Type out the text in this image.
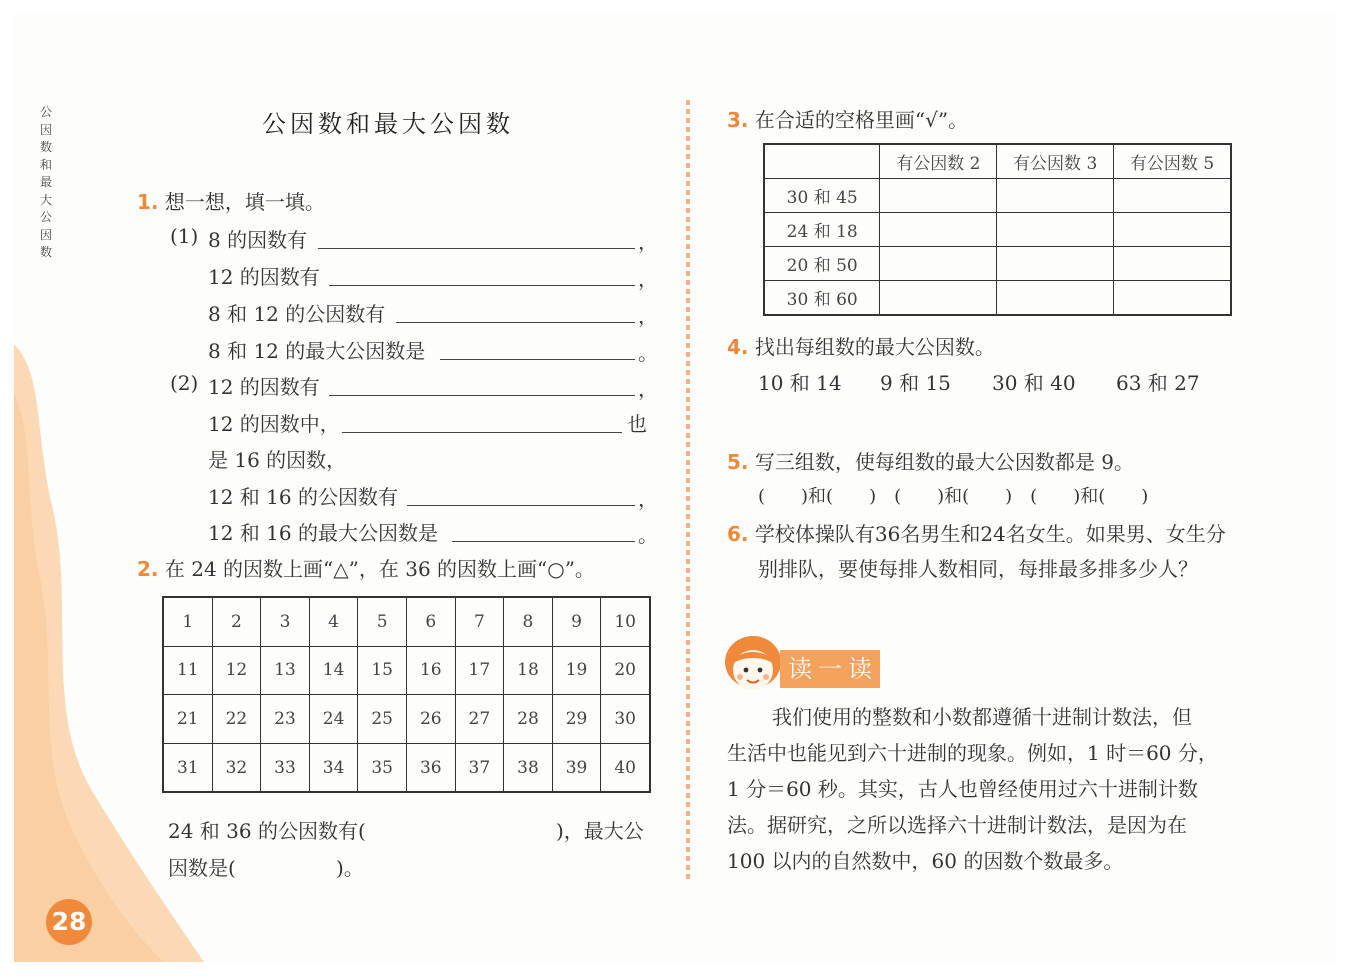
公因数和最大公因数
公因数和最大公因数
1. 想一想，填一填。
(1) 8 的因数有	，
12 的因数有	，
8 和 12 的公因数有	，
8 和 12 的最大公因数是	。
(2) 12 的因数有	，
12 的因数中，	也
是 16 的因数，
12 和 16 的公因数有	，
12 和 16 的最大公因数是	。
2. 在 24 的因数上画“△”，在 36 的因数上画“○”。
1	2	3	4	5	6	7	8	9	10
11	12	13	14	15	16	17	18	19	20
21	22	23	24	25	26	27	28	29	30
31	32	33	34	35	36	37	38	39	40
24 和 36 的公因数有(	)，最大公
因数是(	)。
28
3. 在合适的空格里画“√”。
	有公因数 2	有公因数 3	有公因数 5
30 和 45			
24 和 18			
20 和 50			
30 和 60			
4. 找出每组数的最大公因数。
10 和 14 9 和 15 30 和 40 63 和 27
5. 写三组数，使每组数的最大公因数都是 9。
(　　)和(　　)　(　　)和(　　)　(　　)和(　　)
6. 学校体操队有36名男生和24名女生。如果男、女生分
别排队，要使每排人数相同，每排最多排多少人？
读一读
我们使用的整数和小数都遵循十进制计数法，但
生活中也能见到六十进制的现象。例如，1 时＝60 分，
1 分＝60 秒。其实，古人也曾经使用过六十进制计数
法。据研究，之所以选择六十进制计数法，是因为在
100 以内的自然数中，60 的因数个数最多。
